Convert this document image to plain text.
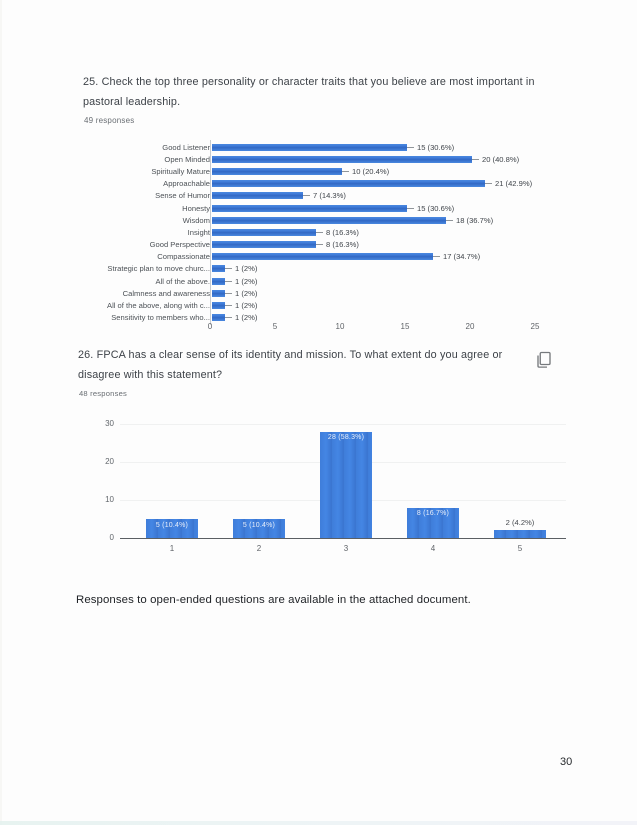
25. Check the top three personality or character traits that you believe are most important in
pastoral leadership.

49 responses

Good Listener	15 (30.6%)
Open Minded	20 (40.8%)
Spiritually Mature	10 (20.4%)
Approachable	21 (42.9%)
Sense of Humor	7 (14.3%)
Honesty	15 (30.6%)
Wisdom	18 (36.7%)
Insight	8 (16.3%)
Good Perspective	8 (16.3%)
Compassionate	17 (34.7%)
Strategic plan to move churc...	1 (2%)
All of the above.	1 (2%)
Calmness and awareness	1 (2%)
All of the above, along with c...	1 (2%)
Sensitivity to members who...	1 (2%)
0	5	10	15	20	25

26. FPCA has a clear sense of its identity and mission. To what extent do you agree or
disagree with this statement?

48 responses

0
10
20
30
5 (10.4%)
1
5 (10.4%)
2
28 (58.3%)
3
8 (16.7%)
4
2 (4.2%)
5

Responses to open-ended questions are available in the attached document.

30
